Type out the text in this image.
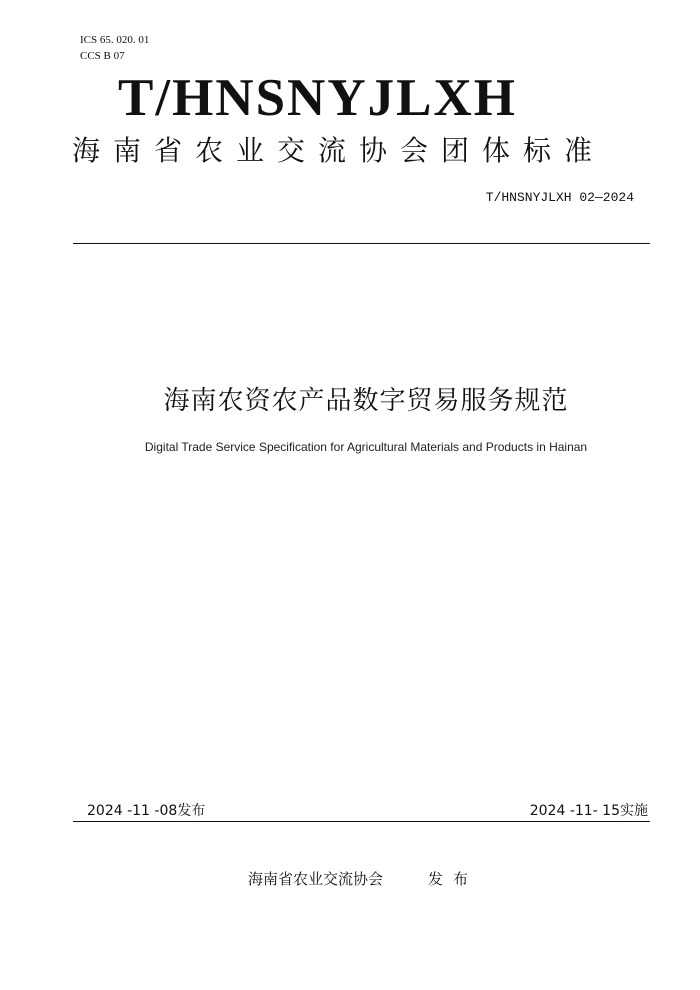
ICS 65. 020. 01
CCS B 07
T/HNSNYJLXH
海南省农业交流协会团体标准
T/HNSNYJLXH 02—2024
海南农资农产品数字贸易服务规范
Digital Trade Service Specification for Agricultural Materials and Products in Hainan
2024 -11 -08发布	2024 -11- 15实施
海南省农业交流协会	发布
